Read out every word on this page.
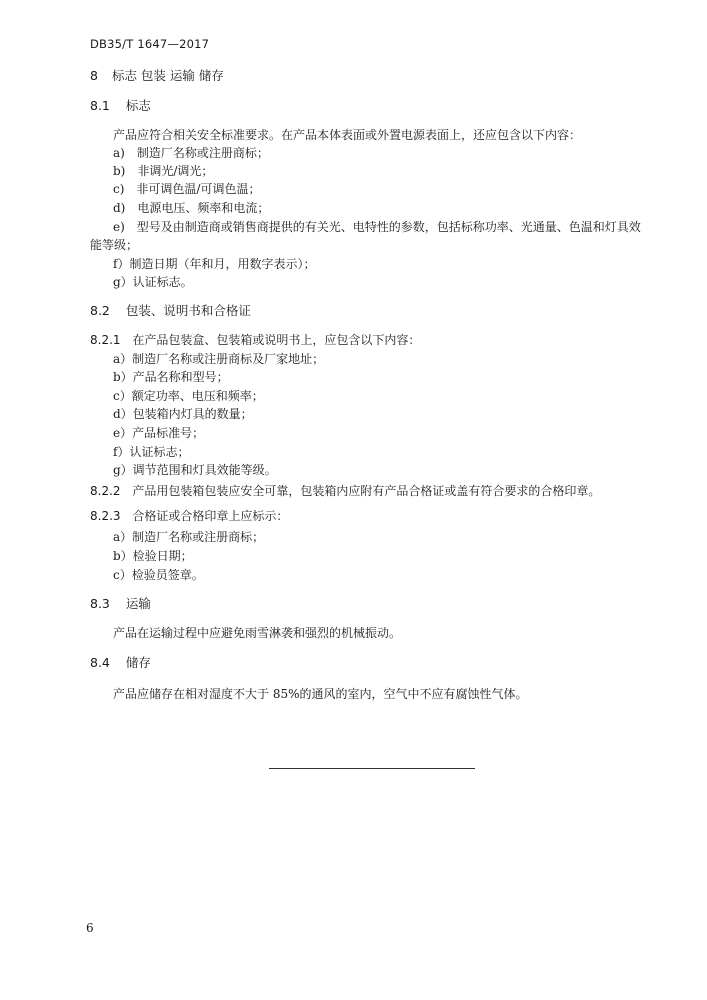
DB35/T 1647—2017
8 标志 包装 运输 储存
8.1 标志
产品应符合相关安全标准要求。在产品本体表面或外置电源表面上，还应包含以下内容：
a)　制造厂名称或注册商标；
b)　非调光/调光；
c)　非可调色温/可调色温；
d)　电源电压、频率和电流；
e)　型号及由制造商或销售商提供的有关光、电特性的参数，包括标称功率、光通量、色温和灯具效
能等级；
f）制造日期（年和月，用数字表示）；
g）认证标志。
8.2 包装、说明书和合格证
8.2.1 在产品包装盒、包装箱或说明书上，应包含以下内容：
a）制造厂名称或注册商标及厂家地址；
b）产品名称和型号；
c）额定功率、电压和频率；
d）包装箱内灯具的数量；
e）产品标准号；
f）认证标志；
g）调节范围和灯具效能等级。
8.2.2 产品用包装箱包装应安全可靠，包装箱内应附有产品合格证或盖有符合要求的合格印章。
8.2.3 合格证或合格印章上应标示：
a）制造厂名称或注册商标；
b）检验日期；
c）检验员签章。
8.3 运输
产品在运输过程中应避免雨雪淋袭和强烈的机械振动。
8.4 储存
产品应储存在相对湿度不大于 85%的通风的室内，空气中不应有腐蚀性气体。
6
